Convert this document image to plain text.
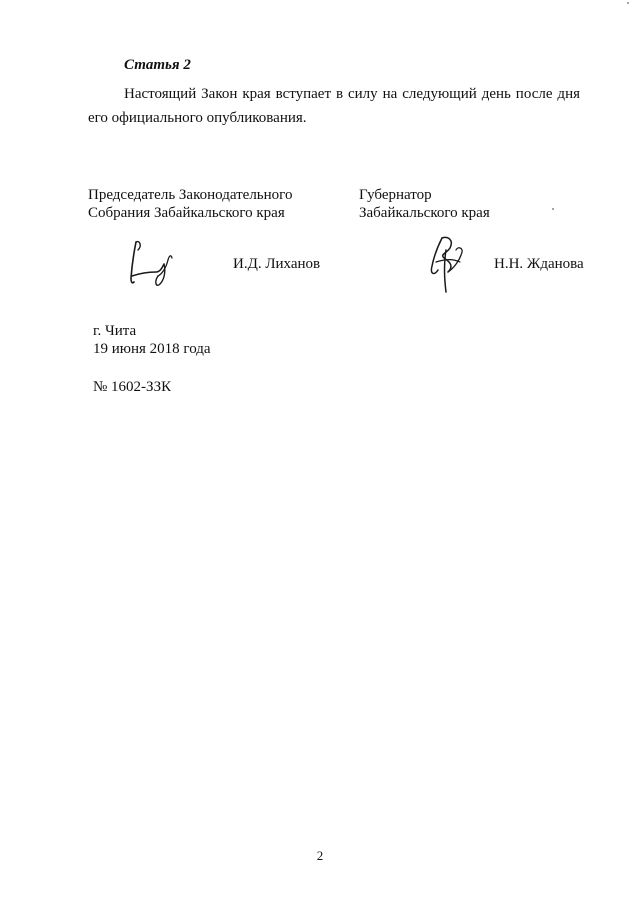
Статья 2
Настоящий Закон края вступает в силу на следующий день после дня
его официального опубликования.
Председатель Законодательного
Собрания Забайкальского края
Губернатор
Забайкальского края
И.Д. Лиханов	Н.Н. Жданова
г. Чита
19 июня 2018 года
№ 1602-ЗЗК
2
